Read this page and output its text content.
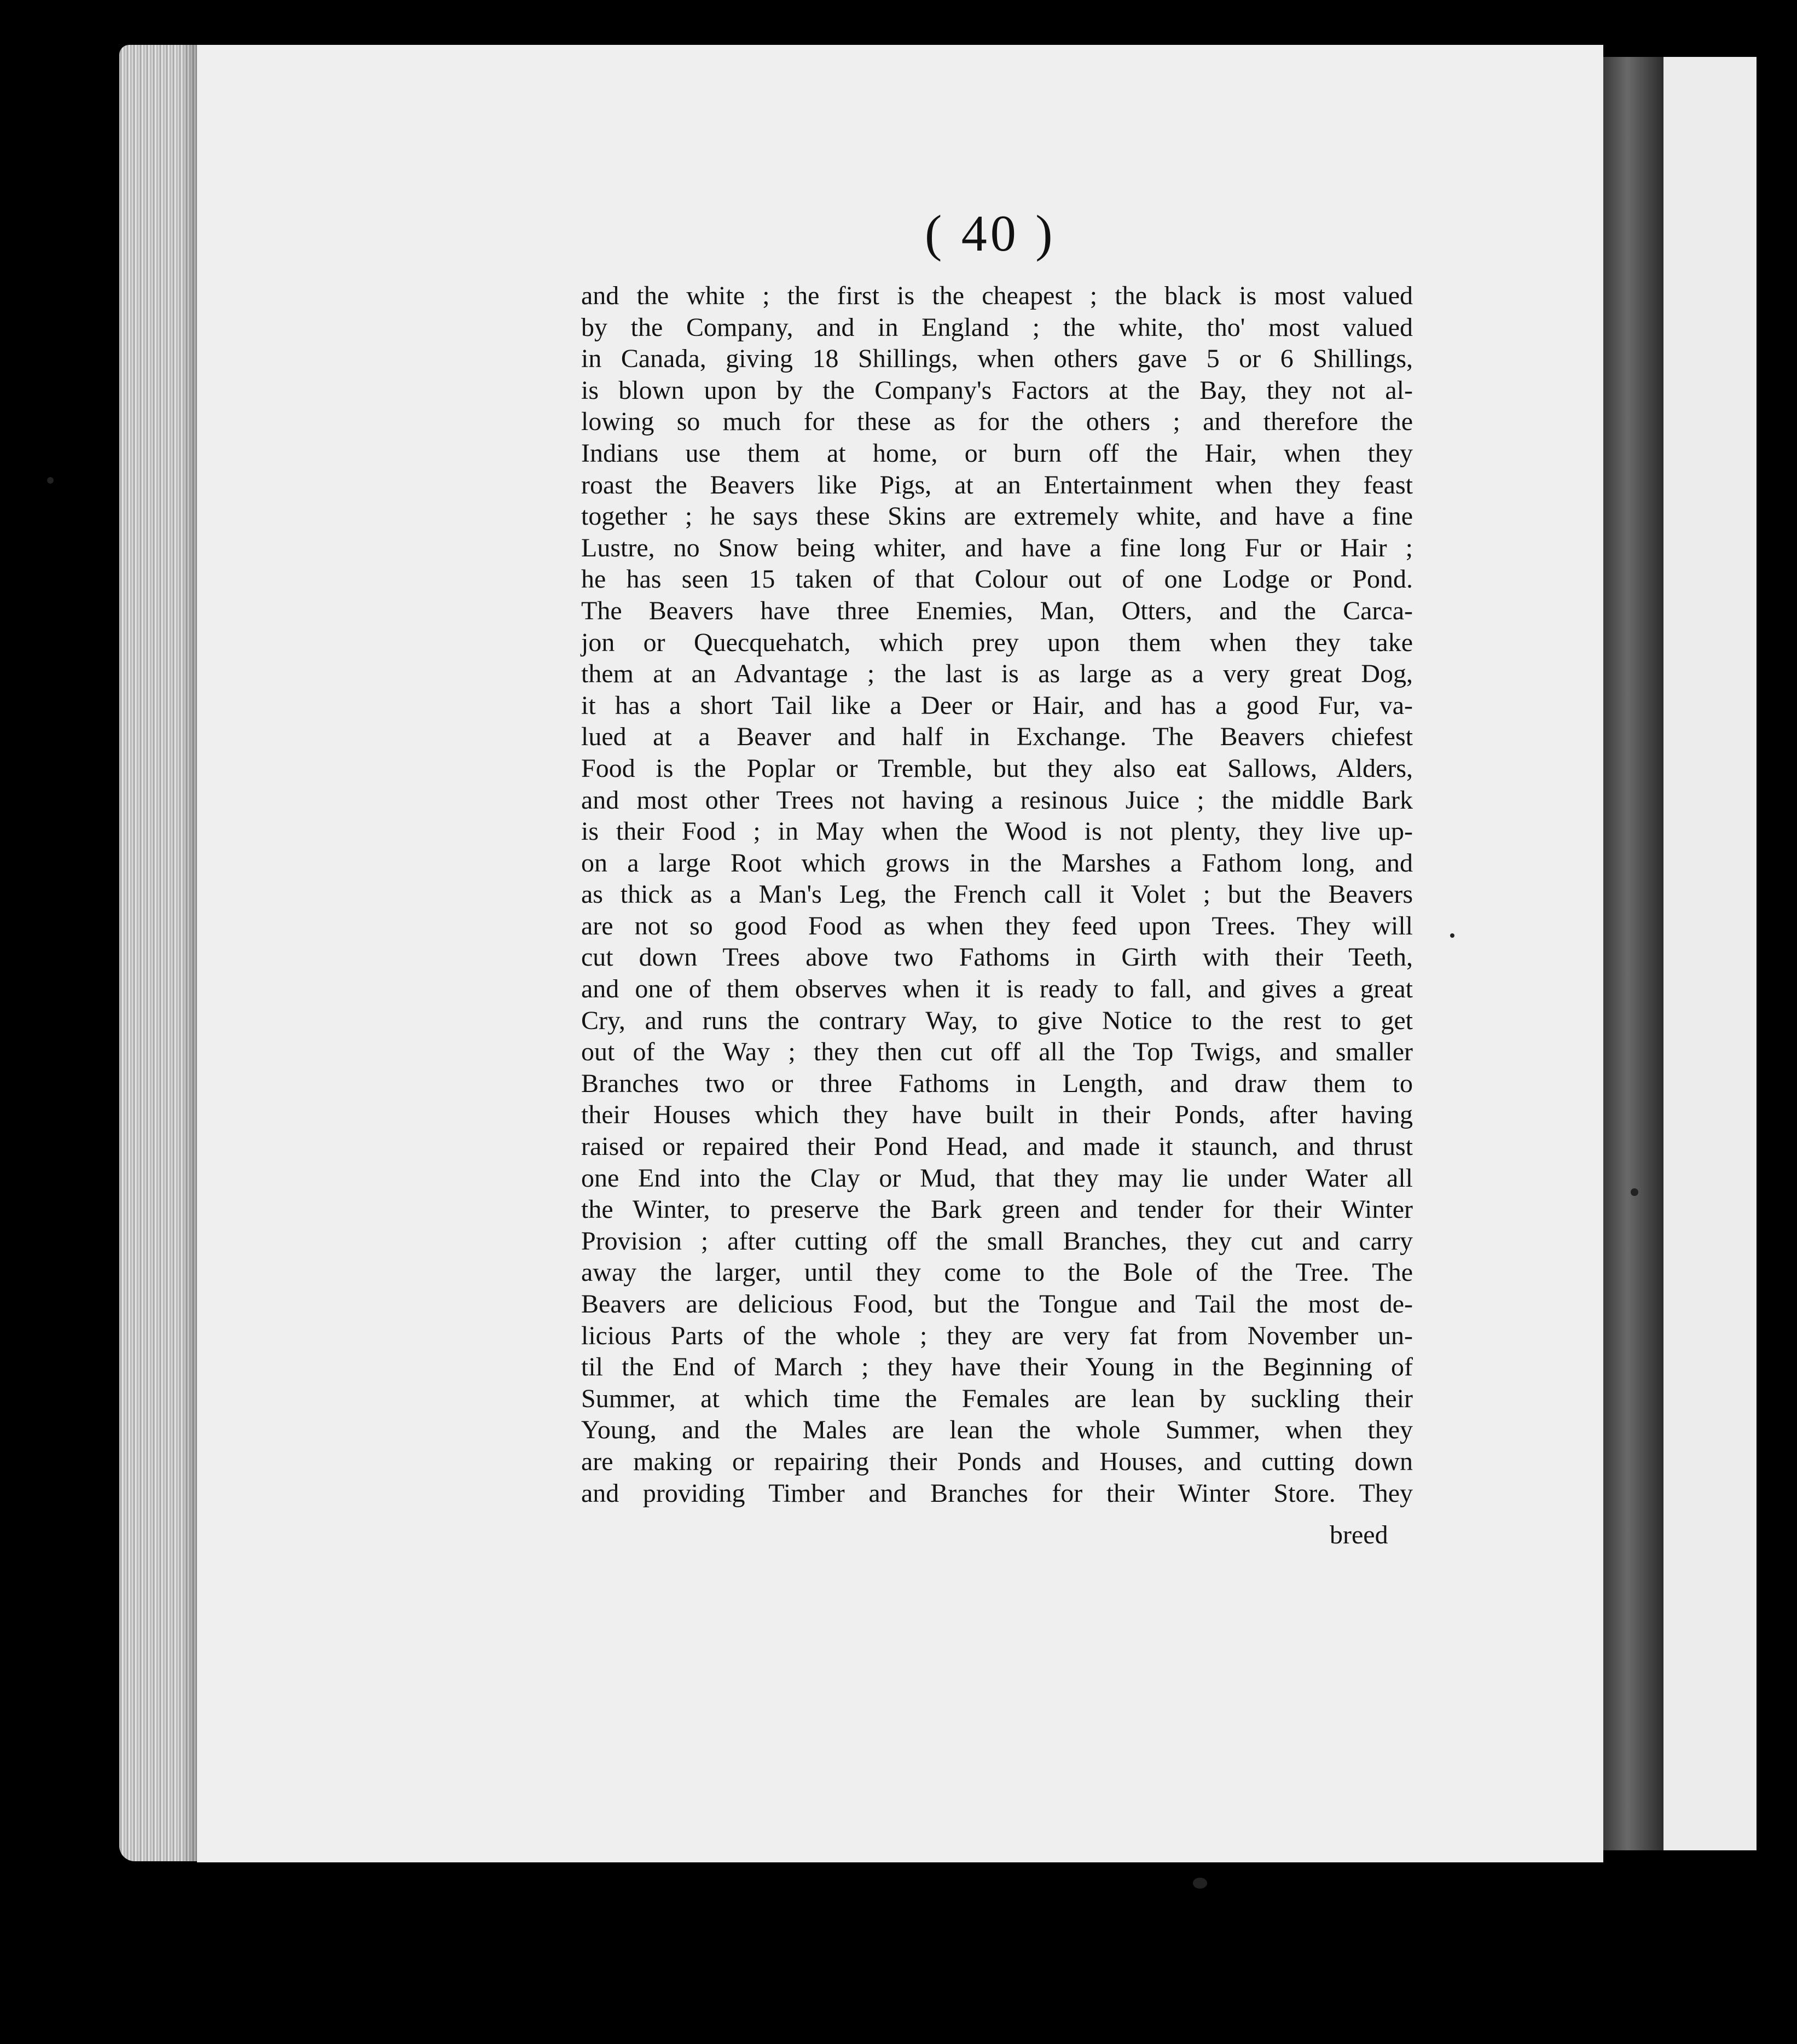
( 40 )
and the white ; the first is the cheapest ; the black is most valued
by the Company, and in England ; the white, tho' most valued
in Canada, giving 18 Shillings, when others gave 5 or 6 Shillings,
is blown upon by the Company's Factors at the Bay, they not al-
lowing so much for these as for the others ; and therefore the
Indians use them at home, or burn off the Hair, when they
roast the Beavers like Pigs, at an Entertainment when they feast
together ; he says these Skins are extremely white, and have a fine
Lustre, no Snow being whiter, and have a fine long Fur or Hair ;
he has seen 15 taken of that Colour out of one Lodge or Pond.
The Beavers have three Enemies, Man, Otters, and the Carca-
jon or Quecquehatch, which prey upon them when they take
them at an Advantage ; the last is as large as a very great Dog,
it has a short Tail like a Deer or Hair, and has a good Fur, va-
lued at a Beaver and half in Exchange. The Beavers chiefest
Food is the Poplar or Tremble, but they also eat Sallows, Alders,
and most other Trees not having a resinous Juice ; the middle Bark
is their Food ; in May when the Wood is not plenty, they live up-
on a large Root which grows in the Marshes a Fathom long, and
as thick as a Man's Leg, the French call it Volet ; but the Beavers
are not so good Food as when they feed upon Trees. They will
cut down Trees above two Fathoms in Girth with their Teeth,
and one of them observes when it is ready to fall, and gives a great
Cry, and runs the contrary Way, to give Notice to the rest to get
out of the Way ; they then cut off all the Top Twigs, and smaller
Branches two or three Fathoms in Length, and draw them to
their Houses which they have built in their Ponds, after having
raised or repaired their Pond Head, and made it staunch, and thrust
one End into the Clay or Mud, that they may lie under Water all
the Winter, to preserve the Bark green and tender for their Winter
Provision ; after cutting off the small Branches, they cut and carry
away the larger, until they come to the Bole of the Tree. The
Beavers are delicious Food, but the Tongue and Tail the most de-
licious Parts of the whole ; they are very fat from November un-
til the End of March ; they have their Young in the Beginning of
Summer, at which time the Females are lean by suckling their
Young, and the Males are lean the whole Summer, when they
are making or repairing their Ponds and Houses, and cutting down
and providing Timber and Branches for their Winter Store. They
breed
